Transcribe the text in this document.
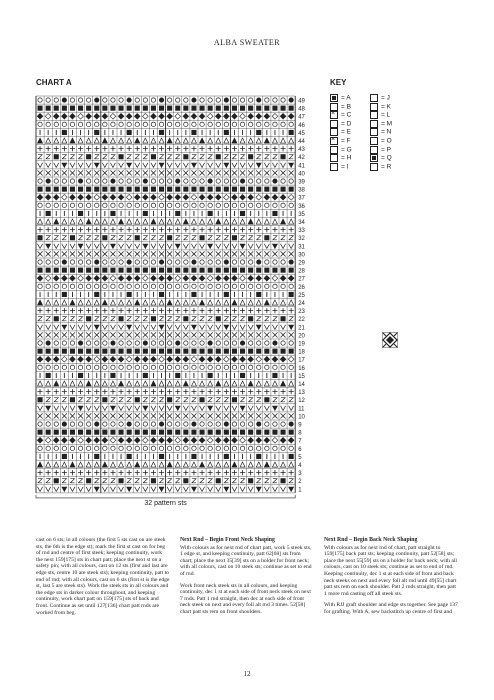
ALBA SWEATER
CHART A	KEY
49
48
47
46
45
44
43
42
41
40
39
38
37
36
35
34
33
32
31
30
29
28
27
26
25
24
23
22
21
20
19
18
17
16
15
14
13
12
11
10
9
8
7
6
5
4
3
2
1
32 pattern sts
= A
= B
×= C
= D
= E
×= F
= G
= H
= I
= J
= K
= L
= M
= N
= O
= P
= Q
= R

cast on 6 sts; in all colours (the first 5 sts cast on are steek sts, the 6th is the edge st); mark the first st cast on for beg of rnd and centre of first steek; keeping continuity, work the next 159[175] sts in chart patt; place the next st on a safety pin; with all colours, cast on 12 sts (first and last are edge sts, centre 10 are steek sts); keeping continuity, patt to end of rnd; with all colours, cast on 6 sts (first st is the edge st, last 5 are steek sts). Work the steek sts in all colours and the edge sts in darker colour throughout, and keeping continuity, work chart patt on 159[175] sts of back and front. Continue as set until 127[136] chart patt rnds are worked from beg.

Next Rnd – Begin Front Neck Shaping

With colours as for next rnd of chart patt, work 5 steek sts, 1 edge st, and keeping continuity, patt 62[68] sts from chart; place the next 35[39] sts on a holder for front neck; with all colours, cast on 10 steek sts; continue as set to end of rnd.

Work front neck steek sts in all colours, and keeping continuity, dec 1 st at each side of front neck steek on next 7 rnds. Patt 1 rnd straight, then dec at each side of front neck steek on next and every foll alt rnd 3 times. 52[58] chart patt sts rem on front shoulders.

Next Rnd – Begin Back Neck Shaping

With colours as for next rnd of chart, patt straight to 159[175] back patt sts; keeping continuity, patt 52[58] sts; place the next 55[59] sts on a holder for back neck; with all colours, cast on 10 steek sts; continue as set to end of rnd. Keeping continuity, dec 1 st at each side of front and back neck steeks on next and every foll alt rnd until 49[55] chart patt sts rem on each shoulder. Patt 2 rnds straight, then patt 1 more rnd casting off all steek sts.

With RJJ graft shoulder and edge sts together. See page 137 for grafting. With A, sew backstitch up centre of first and

12
